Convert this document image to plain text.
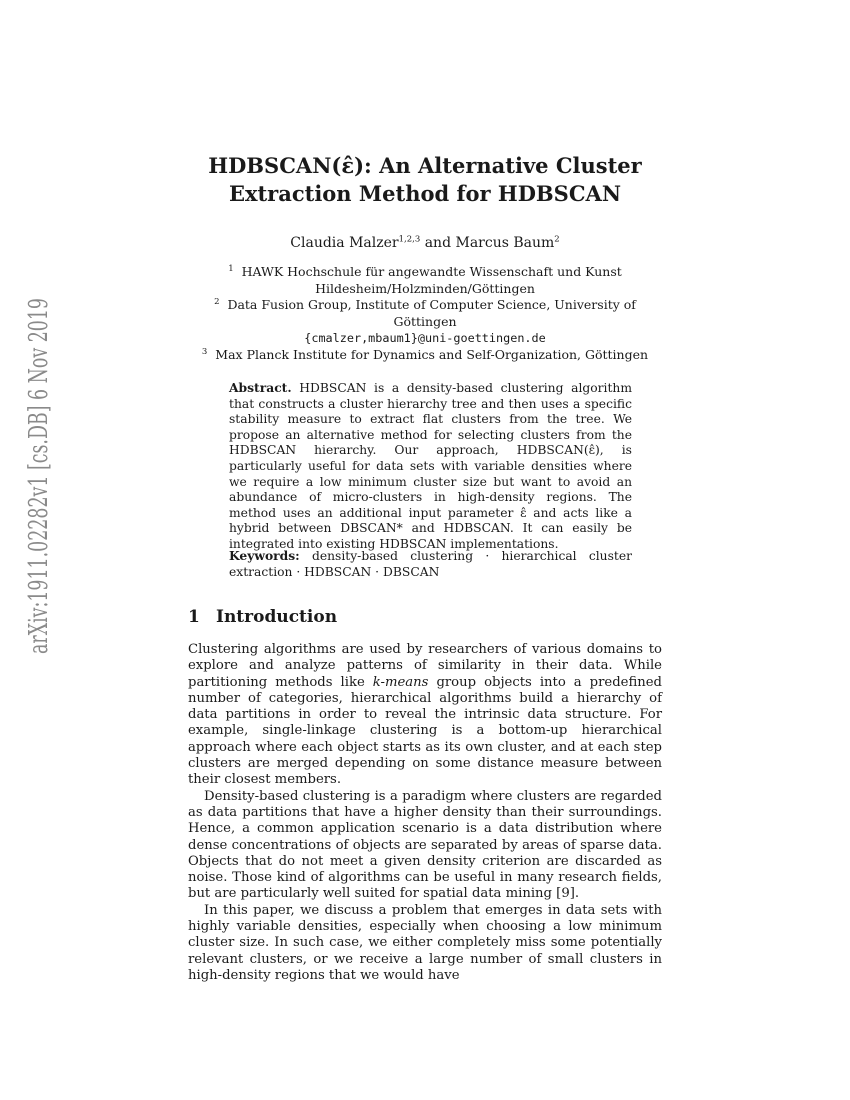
arXiv:1911.02282v1 [cs.DB] 6 Nov 2019	HDBSCAN(ε̂): An Alternative Cluster
Extraction Method for HDBSCAN
Claudia Malzer$^{1,2,3}$ and Marcus Baum$^2$
$^1$ HAWK Hochschule für angewandte Wissenschaft und Kunst
Hildesheim/Holzminden/Göttingen
$^2$ Data Fusion Group, Institute of Computer Science, University of Göttingen
{cmalzer,mbaum1}@uni-goettingen.de
$^3$ Max Planck Institute for Dynamics and Self-Organization, Göttingen

Abstract. HDBSCAN is a density-based clustering algorithm that constructs a cluster hierarchy tree and then uses a specific stability measure to extract flat clusters from the tree. We propose an alternative method for selecting clusters from the HDBSCAN hierarchy. Our approach, HDBSCAN(ε̂), is particularly useful for data sets with variable densities where we require a low minimum cluster size but want to avoid an abundance of micro-clusters in high-density regions. The method uses an additional input parameter ε̂ and acts like a hybrid between DBSCAN* and HDBSCAN. It can easily be integrated into existing HDBSCAN implementations.

Keywords: density-based clustering · hierarchical cluster extraction · HDBSCAN · DBSCAN

1 Introduction

Clustering algorithms are used by researchers of various domains to explore and analyze patterns of similarity in their data. While partitioning methods like k-means group objects into a predefined number of categories, hierarchical algorithms build a hierarchy of data partitions in order to reveal the intrinsic data structure. For example, single-linkage clustering is a bottom-up hierarchical approach where each object starts as its own cluster, and at each step clusters are merged depending on some distance measure between their closest members.

Density-based clustering is a paradigm where clusters are regarded as data partitions that have a higher density than their surroundings. Hence, a common application scenario is a data distribution where dense concentrations of objects are separated by areas of sparse data. Objects that do not meet a given density criterion are discarded as noise. Those kind of algorithms can be useful in many research fields, but are particularly well suited for spatial data mining [9].

In this paper, we discuss a problem that emerges in data sets with highly variable densities, especially when choosing a low minimum cluster size. In such case, we either completely miss some potentially relevant clusters, or we receive a large number of small clusters in high-density regions that we would have
